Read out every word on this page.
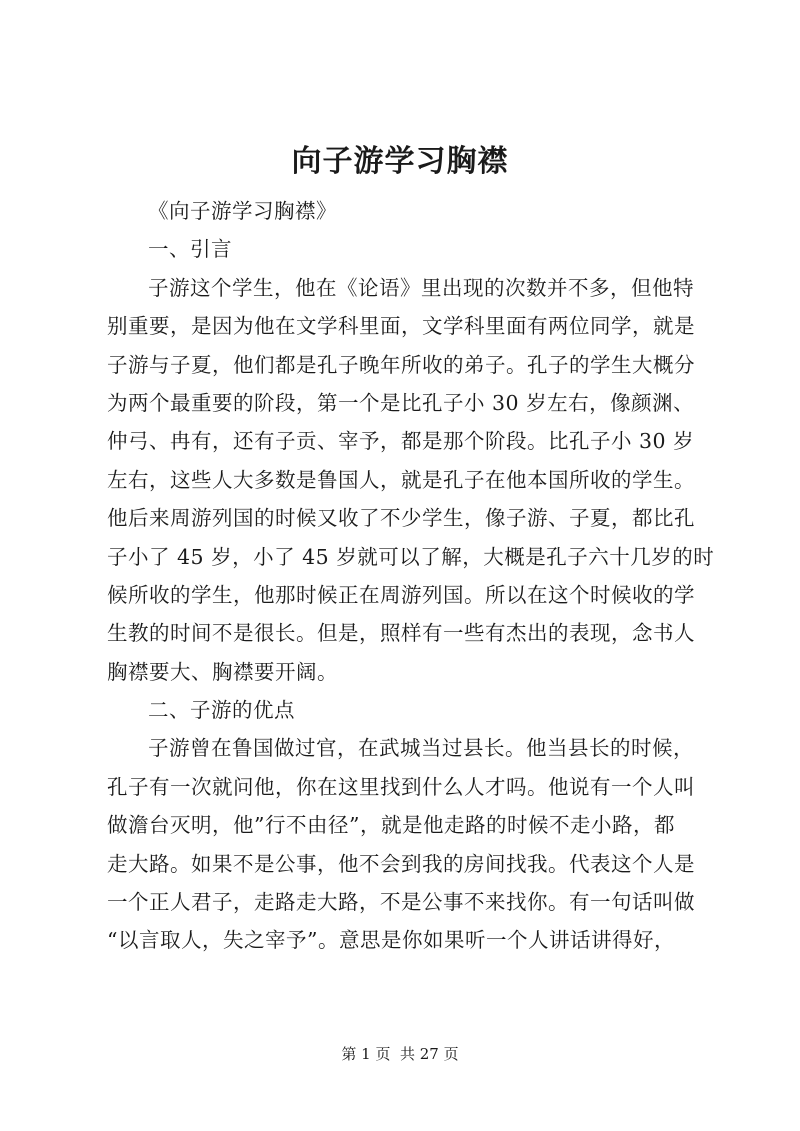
向子游学习胸襟
《向子游学习胸襟》
一、引言
子游这个学生，他在《论语》里出现的次数并不多，但他特
别重要，是因为他在文学科里面，文学科里面有两位同学，就是
子游与子夏，他们都是孔子晚年所收的弟子。孔子的学生大概分
为两个最重要的阶段，第一个是比孔子小 30 岁左右，像颜渊、
仲弓、冉有，还有子贡、宰予，都是那个阶段。比孔子小 30 岁
左右，这些人大多数是鲁国人，就是孔子在他本国所收的学生。
他后来周游列国的时候又收了不少学生，像子游、子夏，都比孔
子小了 45 岁，小了 45 岁就可以了解，大概是孔子六十几岁的时
候所收的学生，他那时候正在周游列国。所以在这个时候收的学
生教的时间不是很长。但是，照样有一些有杰出的表现，念书人
胸襟要大、胸襟要开阔。
二、子游的优点
子游曾在鲁国做过官，在武城当过县长。他当县长的时候，
孔子有一次就问他，你在这里找到什么人才吗。他说有一个人叫
做澹台灭明，他”行不由径”，就是他走路的时候不走小路，都
走大路。如果不是公事，他不会到我的房间找我。代表这个人是
一个正人君子，走路走大路，不是公事不来找你。有一句话叫做
“以言取人，失之宰予”。意思是你如果听一个人讲话讲得好，
第 1 页  共 27 页
